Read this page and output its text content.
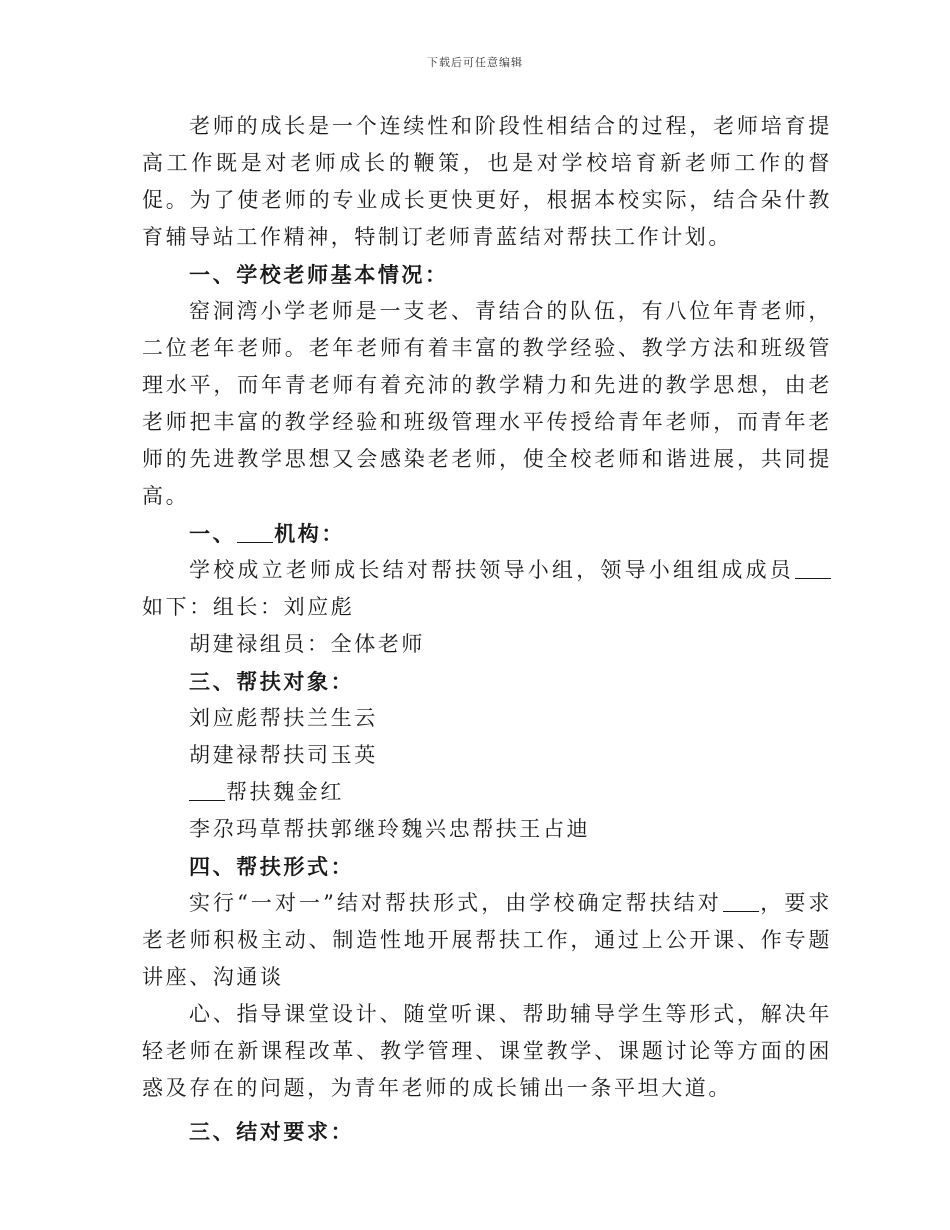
下载后可任意编辑

老师的成长是一个连续性和阶段性相结合的过程，老师培育提高工作既是对老师成长的鞭策，也是对学校培育新老师工作的督促。为了使老师的专业成长更快更好，根据本校实际，结合朵什教育辅导站工作精神，特制订老师青蓝结对帮扶工作计划。

一、学校老师基本情况：

窑洞湾小学老师是一支老、青结合的队伍，有八位年青老师，二位老年老师。老年老师有着丰富的教学经验、教学方法和班级管理水平，而年青老师有着充沛的教学精力和先进的教学思想，由老老师把丰富的教学经验和班级管理水平传授给青年老师，而青年老师的先进教学思想又会感染老老师，使全校老师和谐进展，共同提高。

一、 机构：

学校成立老师成长结对帮扶领导小组，领导小组组成成员如下：组长：刘应彪

胡建禄组员：全体老师

三、帮扶对象：

刘应彪帮扶兰生云

胡建禄帮扶司玉英

帮扶魏金红

李尕玛草帮扶郭继玲魏兴忠帮扶王占迪

四、帮扶形式：

实行“一对一”结对帮扶形式，由学校确定帮扶结对 ，要求老老师积极主动、制造性地开展帮扶工作，通过上公开课、作专题讲座、沟通谈

心、指导课堂设计、随堂听课、帮助辅导学生等形式，解决年轻老师在新课程改革、教学管理、课堂教学、课题讨论等方面的困惑及存在的问题，为青年老师的成长铺出一条平坦大道。

三、结对要求：
